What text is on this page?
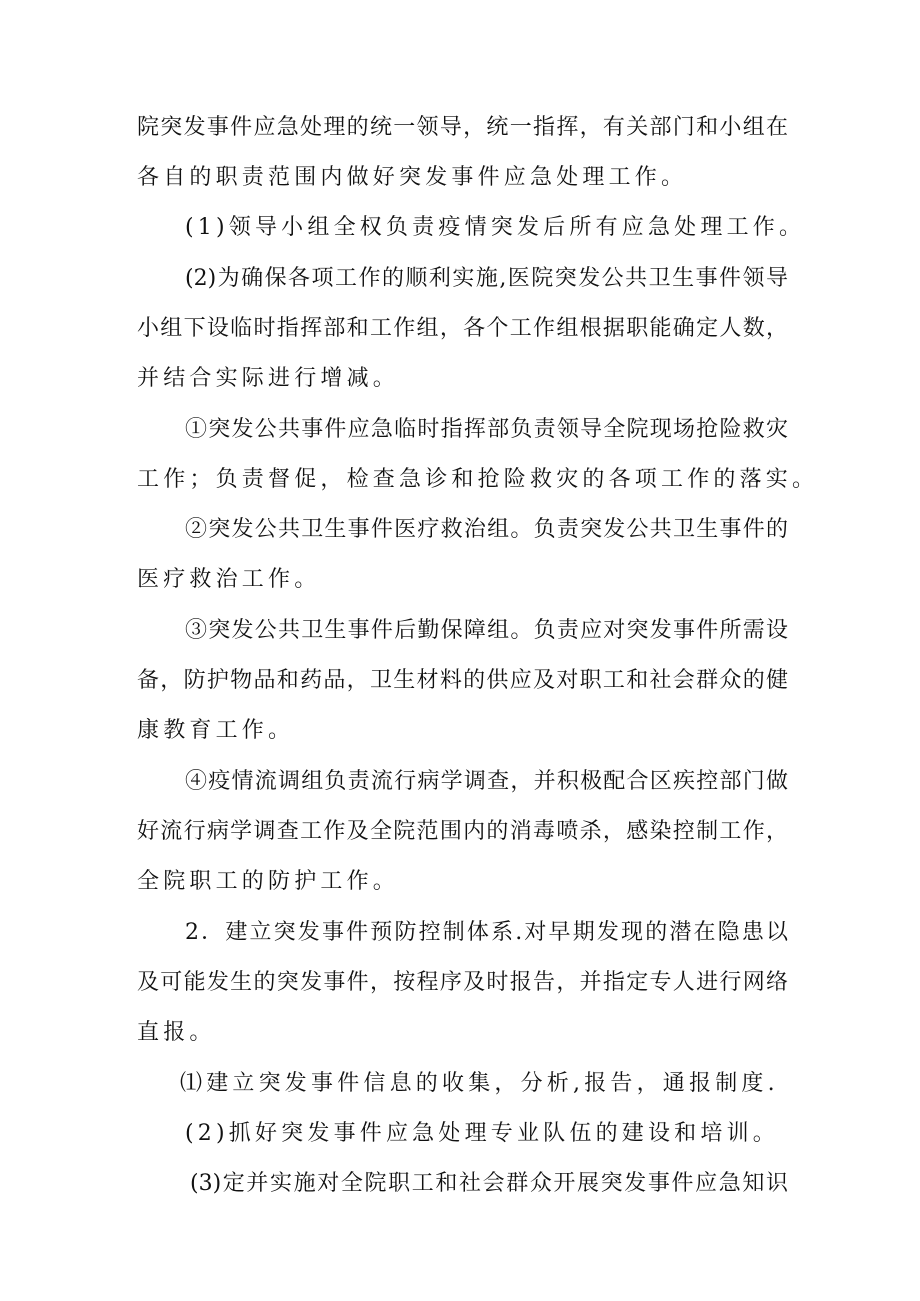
院突发事件应急处理的统一领导，统一指挥，有关部门和小组在
各自的职责范围内做好突发事件应急处理工作。
(1)领导小组全权负责疫情突发后所有应急处理工作。
(2)为确保各项工作的顺利实施,医院突发公共卫生事件领导
小组下设临时指挥部和工作组，各个工作组根据职能确定人数，
并结合实际进行增减。
①突发公共事件应急临时指挥部负责领导全院现场抢险救灾
工作；负责督促，检查急诊和抢险救灾的各项工作的落实。
②突发公共卫生事件医疗救治组。负责突发公共卫生事件的
医疗救治工作。
③突发公共卫生事件后勤保障组。负责应对突发事件所需设
备，防护物品和药品，卫生材料的供应及对职工和社会群众的健
康教育工作。
④疫情流调组负责流行病学调查，并积极配合区疾控部门做
好流行病学调查工作及全院范围内的消毒喷杀，感染控制工作，
全院职工的防护工作。
2．建立突发事件预防控制体系.对早期发现的潜在隐患以
及可能发生的突发事件，按程序及时报告，并指定专人进行网络
直报。
⑴建立突发事件信息的收集，分析,报告，通报制度.
(2)抓好突发事件应急处理专业队伍的建设和培训。
(3)定并实施对全院职工和社会群众开展突发事件应急知识
